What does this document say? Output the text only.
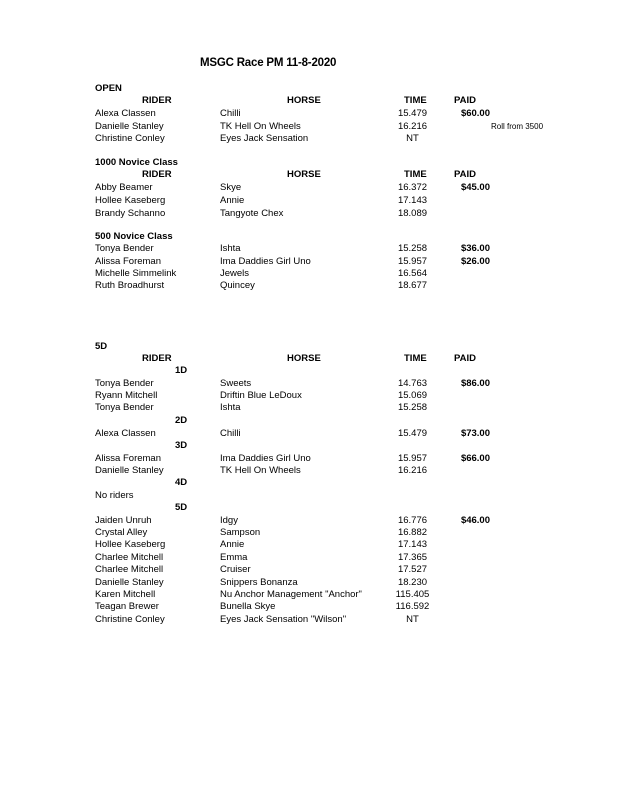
MSGC Race PM 11-8-2020
OPEN
RIDER	HORSE	TIME	PAID
Alexa Classen	Chilli	15.479	$60.00
Danielle Stanley	TK Hell On Wheels	16.216	Roll from 3500
Christine Conley	Eyes Jack Sensation	NT
1000 Novice Class
RIDER	HORSE	TIME	PAID
Abby Beamer	Skye	16.372	$45.00
Hollee Kaseberg	Annie	17.143
Brandy Schanno	Tangyote Chex	18.089
500 Novice Class
Tonya Bender	Ishta	15.258	$36.00
Alissa Foreman	Ima Daddies Girl Uno	15.957	$26.00
Michelle Simmelink	Jewels	16.564
Ruth Broadhurst	Quincey	18.677
5D
RIDER	HORSE	TIME	PAID
1D
Tonya Bender	Sweets	14.763	$86.00
Ryann Mitchell	Driftin Blue LeDoux	15.069
Tonya Bender	Ishta	15.258
2D
Alexa Classen	Chilli	15.479	$73.00
3D
Alissa Foreman	Ima Daddies Girl Uno	15.957	$66.00
Danielle Stanley	TK Hell On Wheels	16.216
4D
No riders
5D
Jaiden Unruh	Idgy	16.776	$46.00
Crystal Alley	Sampson	16.882
Hollee Kaseberg	Annie	17.143
Charlee Mitchell	Emma	17.365
Charlee Mitchell	Cruiser	17.527
Danielle Stanley	Snippers Bonanza	18.230
Karen Mitchell	Nu Anchor Management "Anchor"	115.405
Teagan Brewer	Bunella Skye	116.592
Christine Conley	Eyes Jack Sensation "Wilson"	NT
